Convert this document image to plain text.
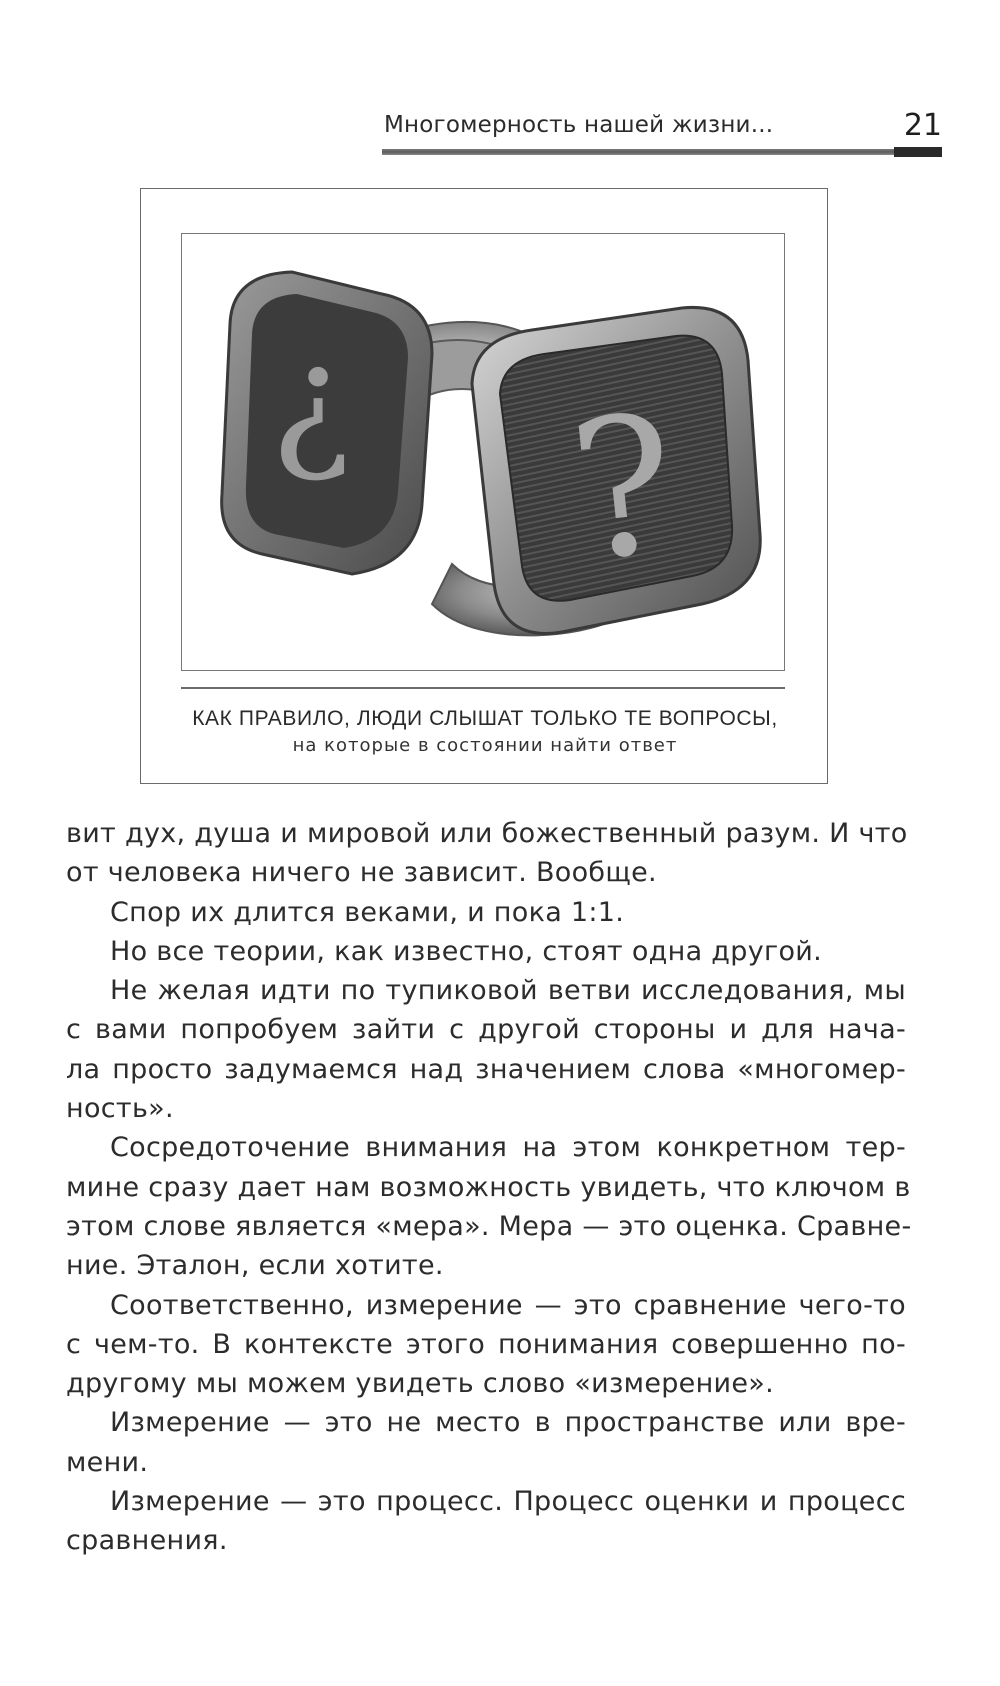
Многомерность нашей жизни...	21
? ?
КАК ПРАВИЛО, ЛЮДИ СЛЫШАТ ТОЛЬКО ТЕ ВОПРОСЫ,
на которые в состоянии найти ответ
вит дух, душа и мировой или божественный разум. И что
от человека ничего не зависит. Вообще.
Спор их длится веками, и пока 1:1.
Но все теории, как известно, стоят одна другой.
Не желая идти по тупиковой ветви исследования, мы
с вами попробуем зайти с другой стороны и для нача-
ла просто задумаемся над значением слова «многомер-
ность».
Сосредоточение внимания на этом конкретном тер-
мине сразу дает нам возможность увидеть, что ключом в
этом слове является «мера». Мера — это оценка. Сравне-
ние. Эталон, если хотите.
Соответственно, измерение — это сравнение чего-то
с чем-то. В контексте этого понимания совершенно по-
другому мы можем увидеть слово «измерение».
Измерение — это не место в пространстве или вре-
мени.
Измерение — это процесс. Процесс оценки и процесс
сравнения.
